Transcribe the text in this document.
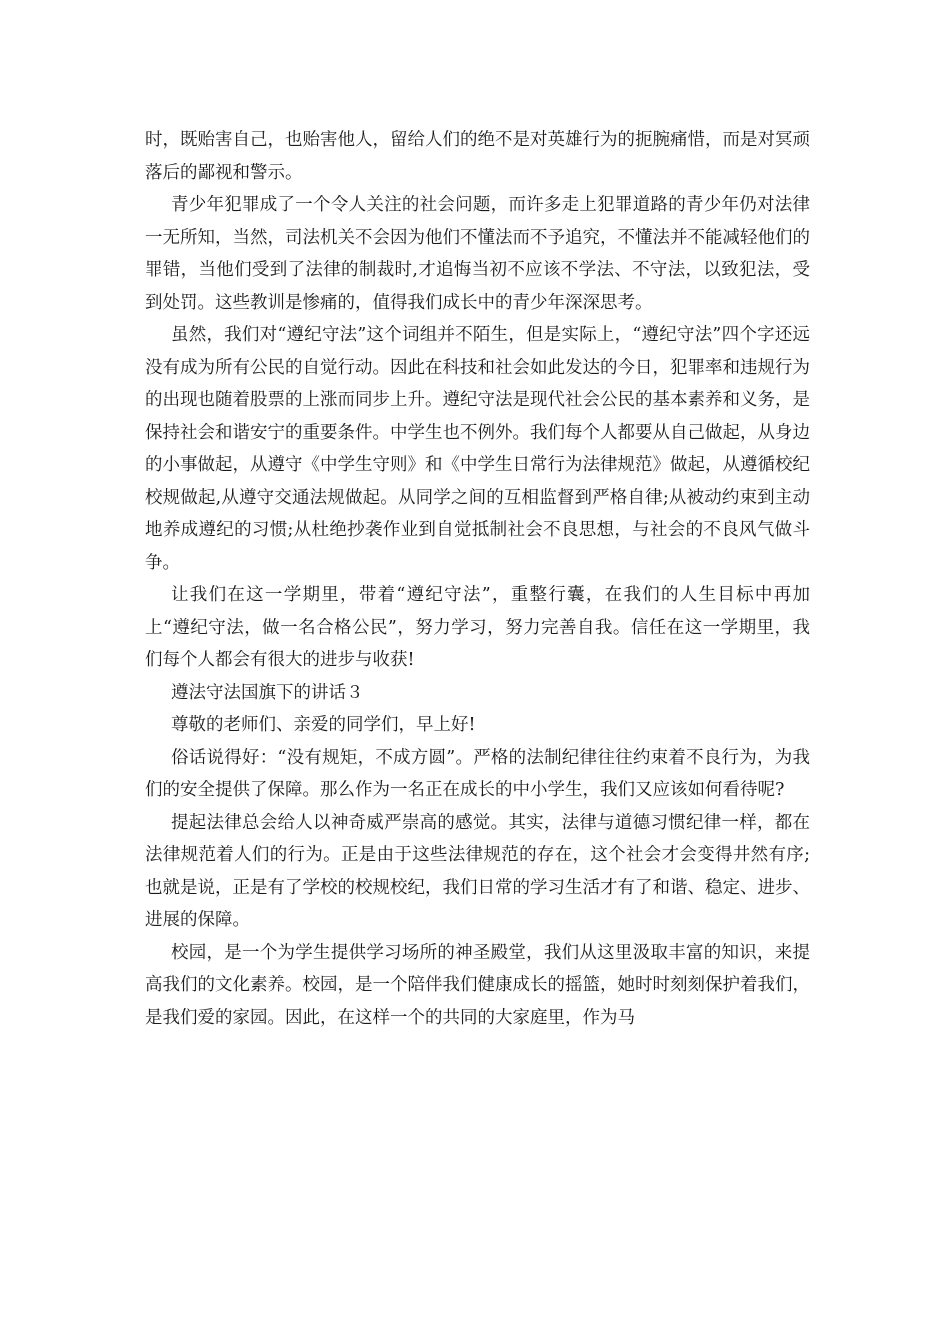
时，既贻害自己，也贻害他人，留给人们的绝不是对英雄行为的扼腕痛惜，而是对冥顽落后的鄙视和警示。

青少年犯罪成了一个令人关注的社会问题，而许多走上犯罪道路的青少年仍对法律一无所知，当然，司法机关不会因为他们不懂法而不予追究，不懂法并不能减轻他们的罪错，当他们受到了法律的制裁时,才追悔当初不应该不学法、不守法，以致犯法，受到处罚。这些教训是惨痛的，值得我们成长中的青少年深深思考。

虽然，我们对“遵纪守法”这个词组并不陌生，但是实际上，“遵纪守法”四个字还远没有成为所有公民的自觉行动。因此在科技和社会如此发达的今日，犯罪率和违规行为的出现也随着股票的上涨而同步上升。遵纪守法是现代社会公民的基本素养和义务，是保持社会和谐安宁的重要条件。中学生也不例外。我们每个人都要从自己做起，从身边的小事做起，从遵守《中学生守则》和《中学生日常行为法律规范》做起，从遵循校纪校规做起,从遵守交通法规做起。从同学之间的互相监督到严格自律;从被动约束到主动地养成遵纪的习惯;从杜绝抄袭作业到自觉抵制社会不良思想，与社会的不良风气做斗争。

让我们在这一学期里，带着“遵纪守法”，重整行囊，在我们的人生目标中再加上“遵纪守法，做一名合格公民”，努力学习，努力完善自我。信任在这一学期里，我们每个人都会有很大的进步与收获!

遵法守法国旗下的讲话３

尊敬的老师们、亲爱的同学们，早上好!

俗话说得好：“没有规矩，不成方圆”。严格的法制纪律往往约束着不良行为，为我们的安全提供了保障。那么作为一名正在成长的中小学生，我们又应该如何看待呢?

提起法律总会给人以神奇威严崇高的感觉。其实，法律与道德习惯纪律一样，都在法律规范着人们的行为。正是由于这些法律规范的存在，这个社会才会变得井然有序;也就是说，正是有了学校的校规校纪，我们日常的学习生活才有了和谐、稳定、进步、进展的保障。

校园，是一个为学生提供学习场所的神圣殿堂，我们从这里汲取丰富的知识，来提高我们的文化素养。校园，是一个陪伴我们健康成长的摇篮，她时时刻刻保护着我们，是我们爱的家园。因此，在这样一个的共同的大家庭里，作为马
